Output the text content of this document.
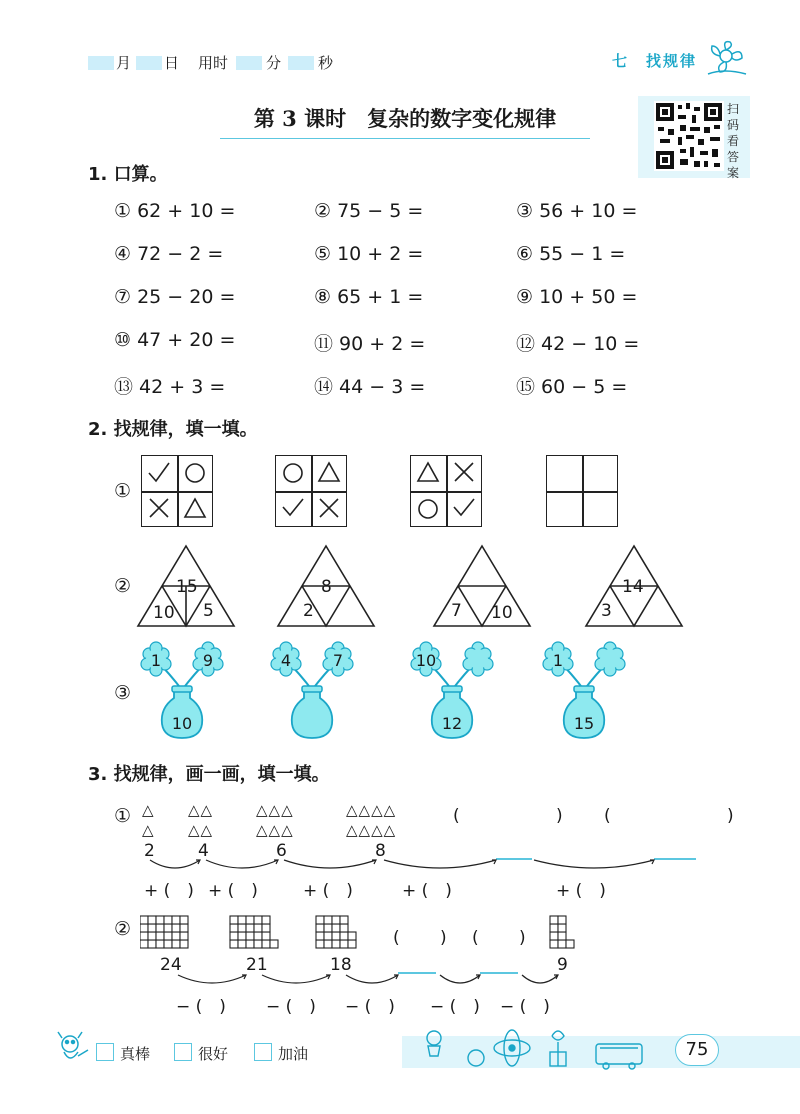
月 日 用时	分 秒	七　找规律
第 3 课时　复杂的数字变化规律	扫
码
看
答
案
1. 口算。
① 62 + 10 =	② 75 − 5 =	③ 56 + 10 =
④ 72 − 2 =	⑤ 10 + 2 =	⑥ 55 − 1 =
⑦ 25 − 20 =	⑧ 65 + 1 =	⑨ 10 + 50 =
⑩ 47 + 20 =	⑪ 90 + 2 =	⑫ 42 − 10 =
⑬ 42 + 3 =	⑭ 44 − 3 =	⑮ 60 − 5 =
2. 找规律，填一填。
①
②
③
15
10 5
8
2	7 10
14
3
1	9
10
4	7	10
12
1
15
3. 找规律，画一画，填一填。
① △
△
△△
△△
△△△
△△△
△△△△
△△△△
(	) (	)
2	4	6	8
+ (　) + (　)	+ (　)	+ (　)	+ (　)
②	( ) ( )
24	21	18	9
− (　) − (　) − (　) − (　) − (　)
真棒	很好	加油	75
